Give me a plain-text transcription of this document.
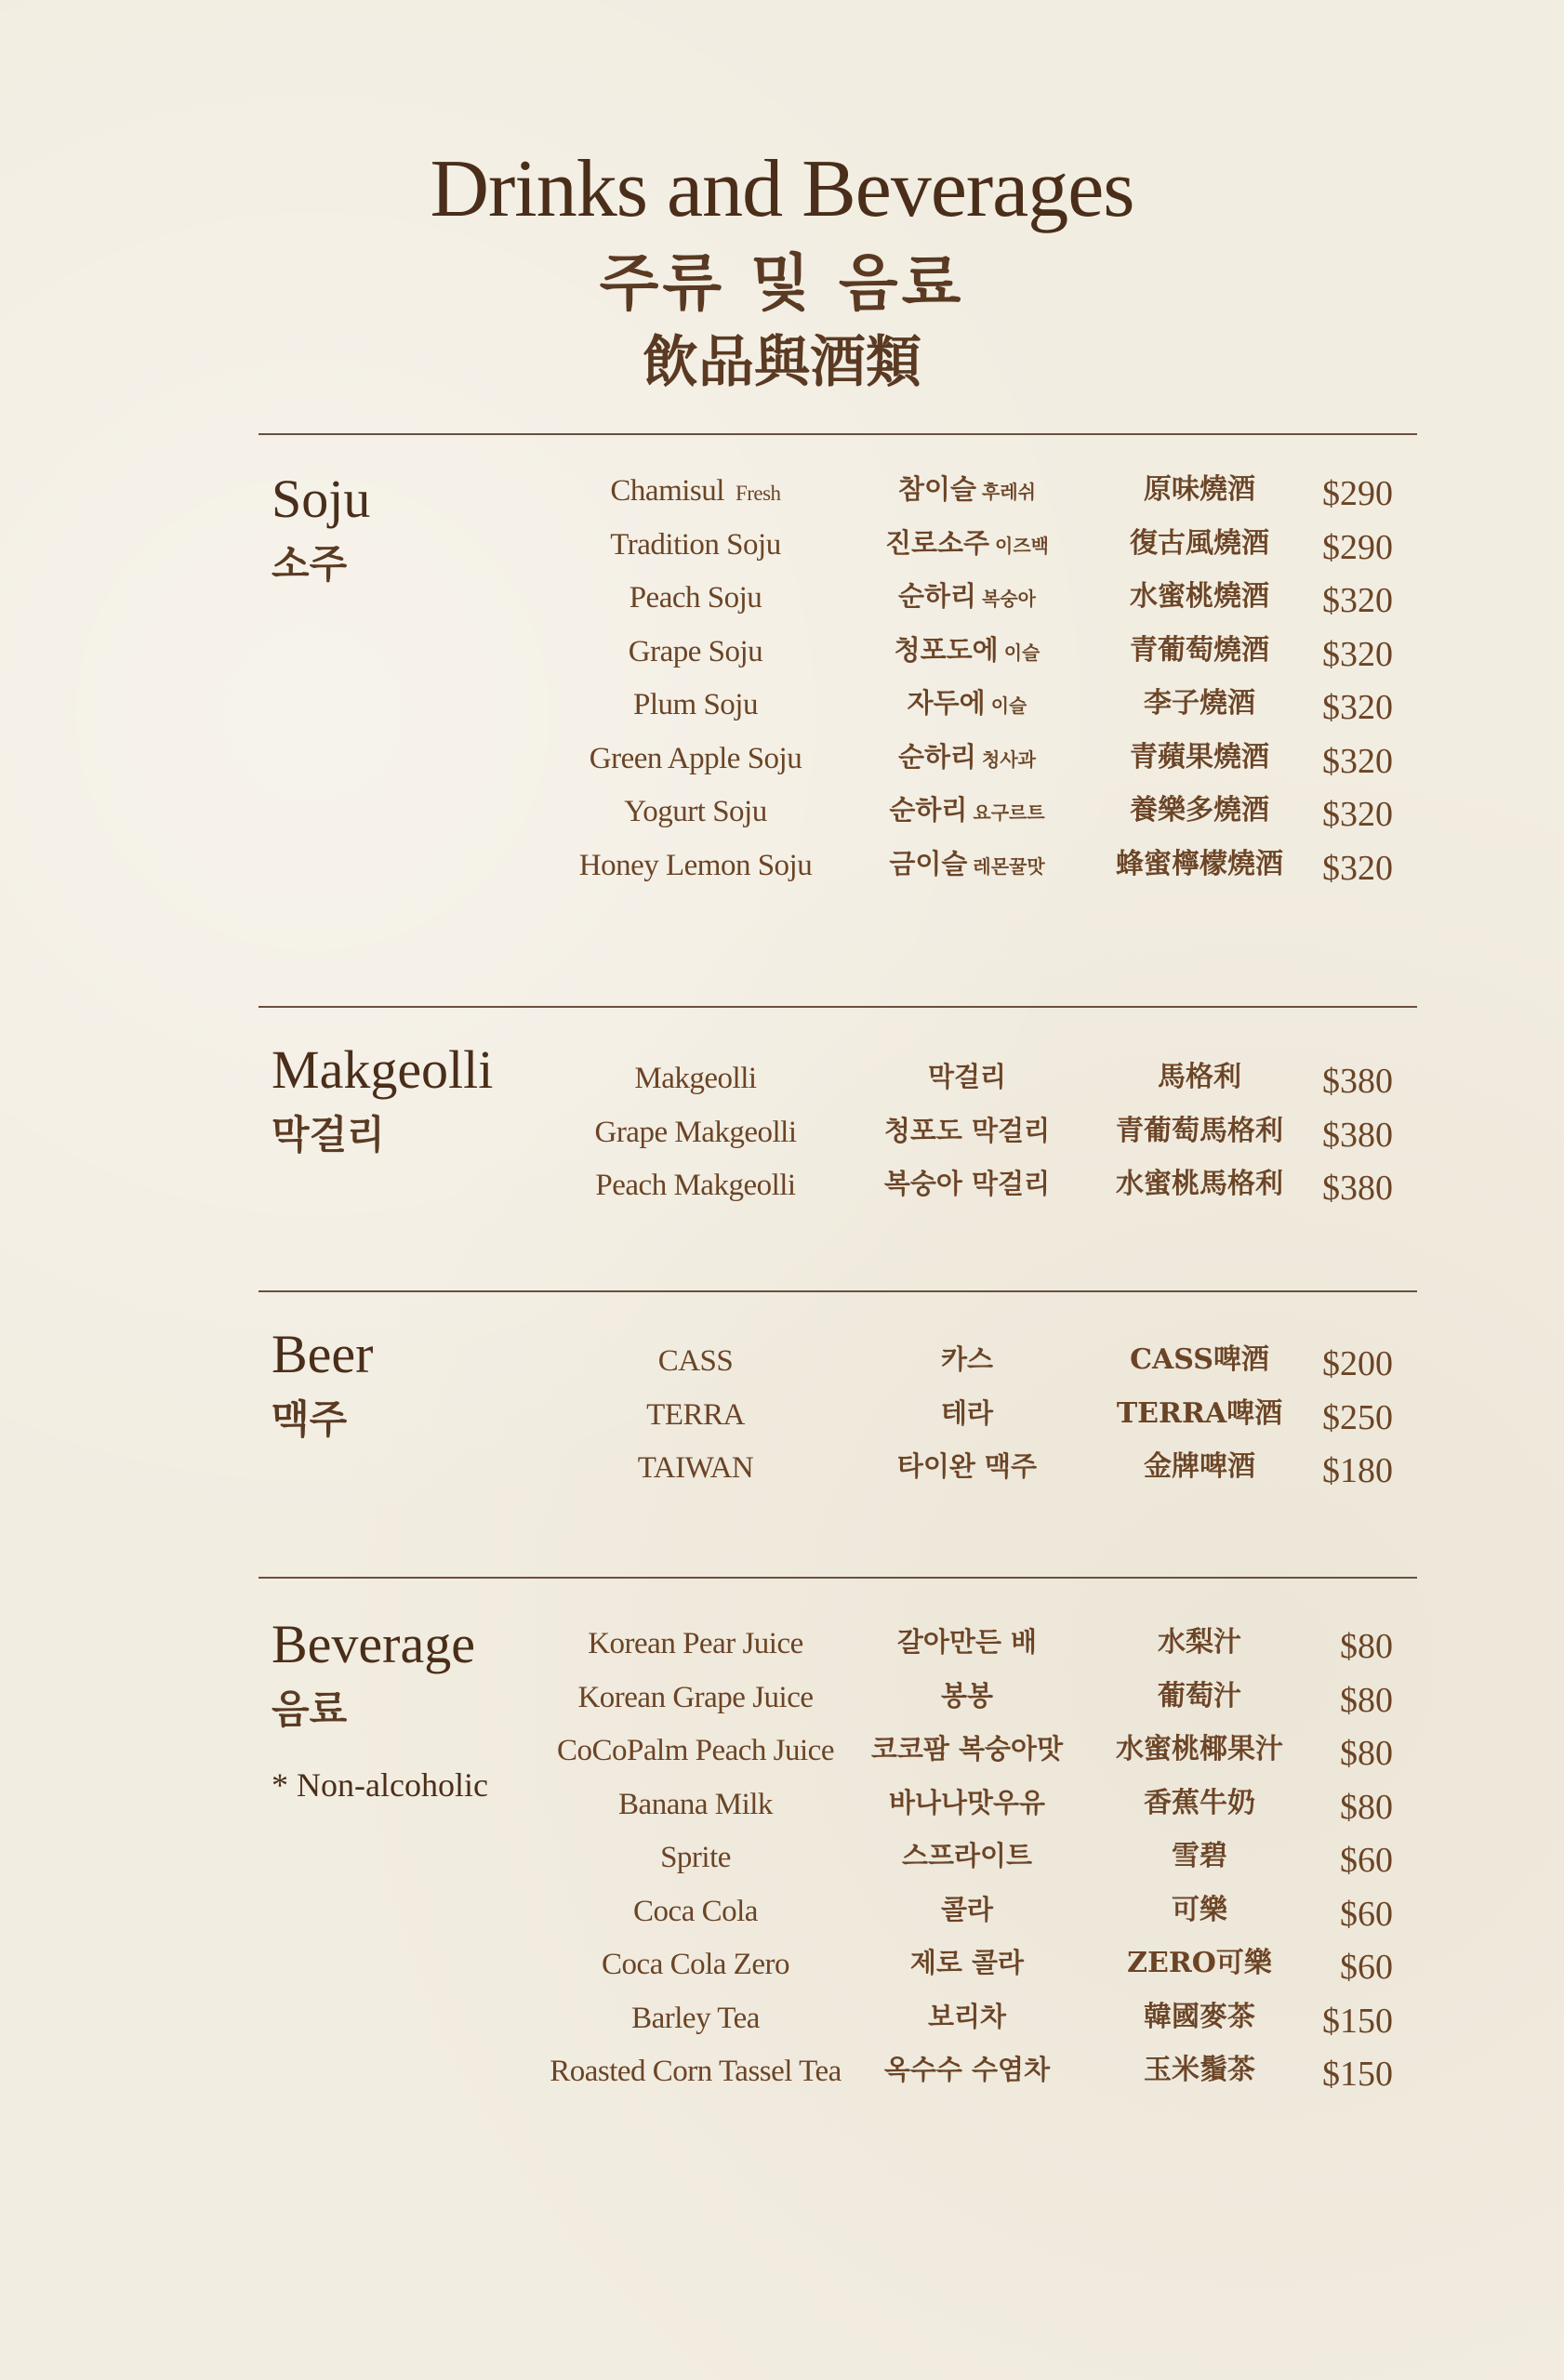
Drinks and Beverages
주류 및 음료
飲品與酒類
Soju
소주
Chamisul Fresh	참이슬 후레쉬	原味燒酒	$290
Tradition Soju	진로소주 이즈백	復古風燒酒	$290
Peach Soju	순하리 복숭아	水蜜桃燒酒	$320
Grape Soju	청포도에 이슬	青葡萄燒酒	$320
Plum Soju	자두에 이슬	李子燒酒	$320
Green Apple Soju	순하리 청사과	青蘋果燒酒	$320
Yogurt Soju	순하리 요구르트	養樂多燒酒	$320
Honey Lemon Soju	금이슬 레몬꿀맛	蜂蜜檸檬燒酒	$320
Makgeolli
막걸리
Makgeolli	막걸리	馬格利	$380
Grape Makgeolli	청포도 막걸리	青葡萄馬格利	$380
Peach Makgeolli	복숭아 막걸리	水蜜桃馬格利	$380
Beer
맥주
CASS	카스	CASS啤酒	$200
TERRA	테라	TERRA啤酒	$250
TAIWAN	타이완 맥주	金牌啤酒	$180
Beverage
음료
* Non-alcoholic
Korean Pear Juice	갈아만든 배	水梨汁	$80
Korean Grape Juice	봉봉	葡萄汁	$80
CoCoPalm Peach Juice	코코팜 복숭아맛	水蜜桃椰果汁	$80
Banana Milk	바나나맛우유	香蕉牛奶	$80
Sprite	스프라이트	雪碧	$60
Coca Cola	콜라	可樂	$60
Coca Cola Zero	제로 콜라	ZERO可樂	$60
Barley Tea	보리차	韓國麥茶	$150
Roasted Corn Tassel Tea	옥수수 수염차	玉米鬚茶	$150
